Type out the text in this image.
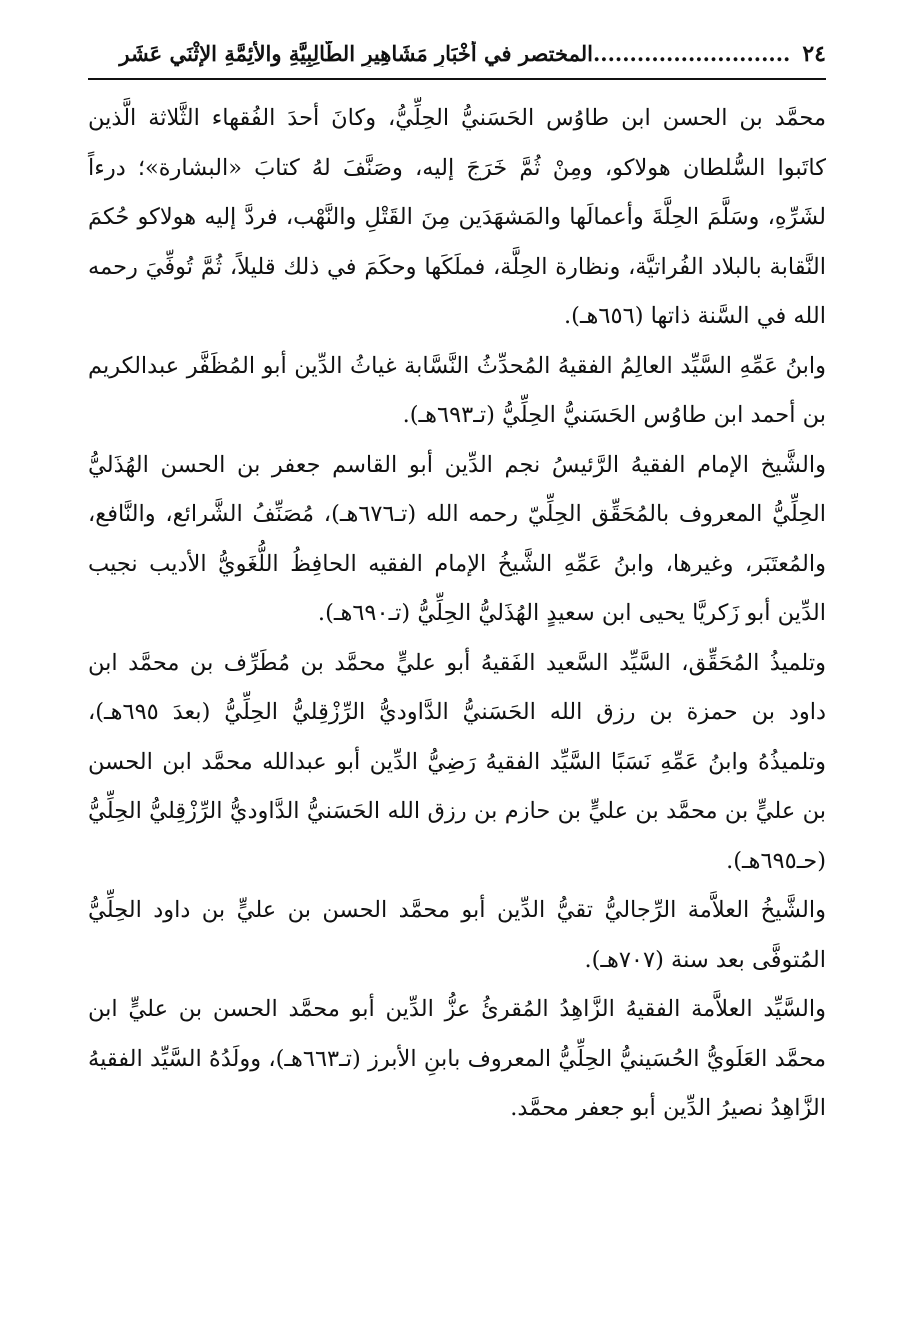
٢٤
...........................المختصر في أخْبَارِ مَشَاهِيرِ الطَّالِبِيَّةِ والأَئِمَّةِ الإثْنَي عَشَر

محمَّد بن الحسن ابن طاوُس الحَسَنيُّ الحِلِّيُّ، وكانَ أحدَ الفُقهاء الثَّلاثة الَّذين كاتَبوا السُّلطان هولاكو، ومِنْ ثُمَّ خَرَجَ إليه، وصَنَّفَ لهُ كتابَ «البشارة»؛ درءاً لشَرِّهِ، وسَلَّمَ الحِلَّةَ وأعمالَها والمَشهَدَين مِنَ القَتْلِ والنَّهْب، فردَّ إليه هولاكو حُكمَ النَّقابة بالبلاد الفُراتيَّة، ونظارة الحِلَّة، فملَكَها وحكَمَ في ذلك قليلاً، ثُمَّ تُوفِّيَ رحمه الله في السَّنة ذاتها (٦٥٦هـ).

وابنُ عَمِّهِ السَّيِّد العالِمُ الفقيهُ المُحدِّثُ النَّسَّابة غياثُ الدِّين أبو المُظَفَّر عبدالكريم بن أحمد ابن طاوُس الحَسَنيُّ الحِلِّيُّ (تـ٦٩٣هـ).

والشَّيخ الإمام الفقيهُ الرَّئيسُ نجم الدِّين أبو القاسم جعفر بن الحسن الهُذَليُّ الحِلِّيُّ المعروف بالمُحَقِّق الحِلِّيّ رحمه الله (تـ٦٧٦هـ)، مُصَنِّفُ الشَّرائع، والنَّافع، والمُعتَبَر، وغيرها، وابنُ عَمِّهِ الشَّيخُ الإمام الفقيه الحافِظُ اللُّغَويُّ الأديب نجيب الدِّين أبو زَكريَّا يحيى ابن سعيدٍ الهُذَليُّ الحِلِّيُّ (تـ٦٩٠هـ).

وتلميذُ المُحَقِّق، السَّيِّد السَّعيد الفَقيهُ أبو عليٍّ محمَّد بن مُطَرِّف بن محمَّد ابن داود بن حمزة بن رزق الله الحَسَنيُّ الدَّاوديُّ الرِّزْقِليُّ الحِلِّيُّ (بعدَ ٦٩٥هـ)، وتلميذُهُ وابنُ عَمِّهِ نَسَبًا السَّيِّد الفقيهُ رَضِيُّ الدِّين أبو عبدالله محمَّد ابن الحسن بن عليٍّ بن محمَّد بن عليٍّ بن حازم بن رزق الله الحَسَنيُّ الدَّاوديُّ الرِّزْقِليُّ الحِلِّيُّ (حـ٦٩٥هـ).

والشَّيخُ العلاَّمة الرِّجاليُّ تقيُّ الدِّين أبو محمَّد الحسن بن عليٍّ بن داود الحِلِّيُّ المُتوفَّى بعد سنة (٧٠٧هـ).

والسَّيِّد العلاَّمة الفقيهُ الزَّاهِدُ المُقرئُ عزُّ الدِّين أبو محمَّد الحسن بن عليٍّ ابن محمَّد العَلَويُّ الحُسَينيُّ الحِلِّيُّ المعروف بابنِ الأبرز (تـ٦٦٣هـ)، وولَدُهُ السَّيِّد الفقيهُ الزَّاهِدُ نصيرُ الدِّين أبو جعفر محمَّد.
